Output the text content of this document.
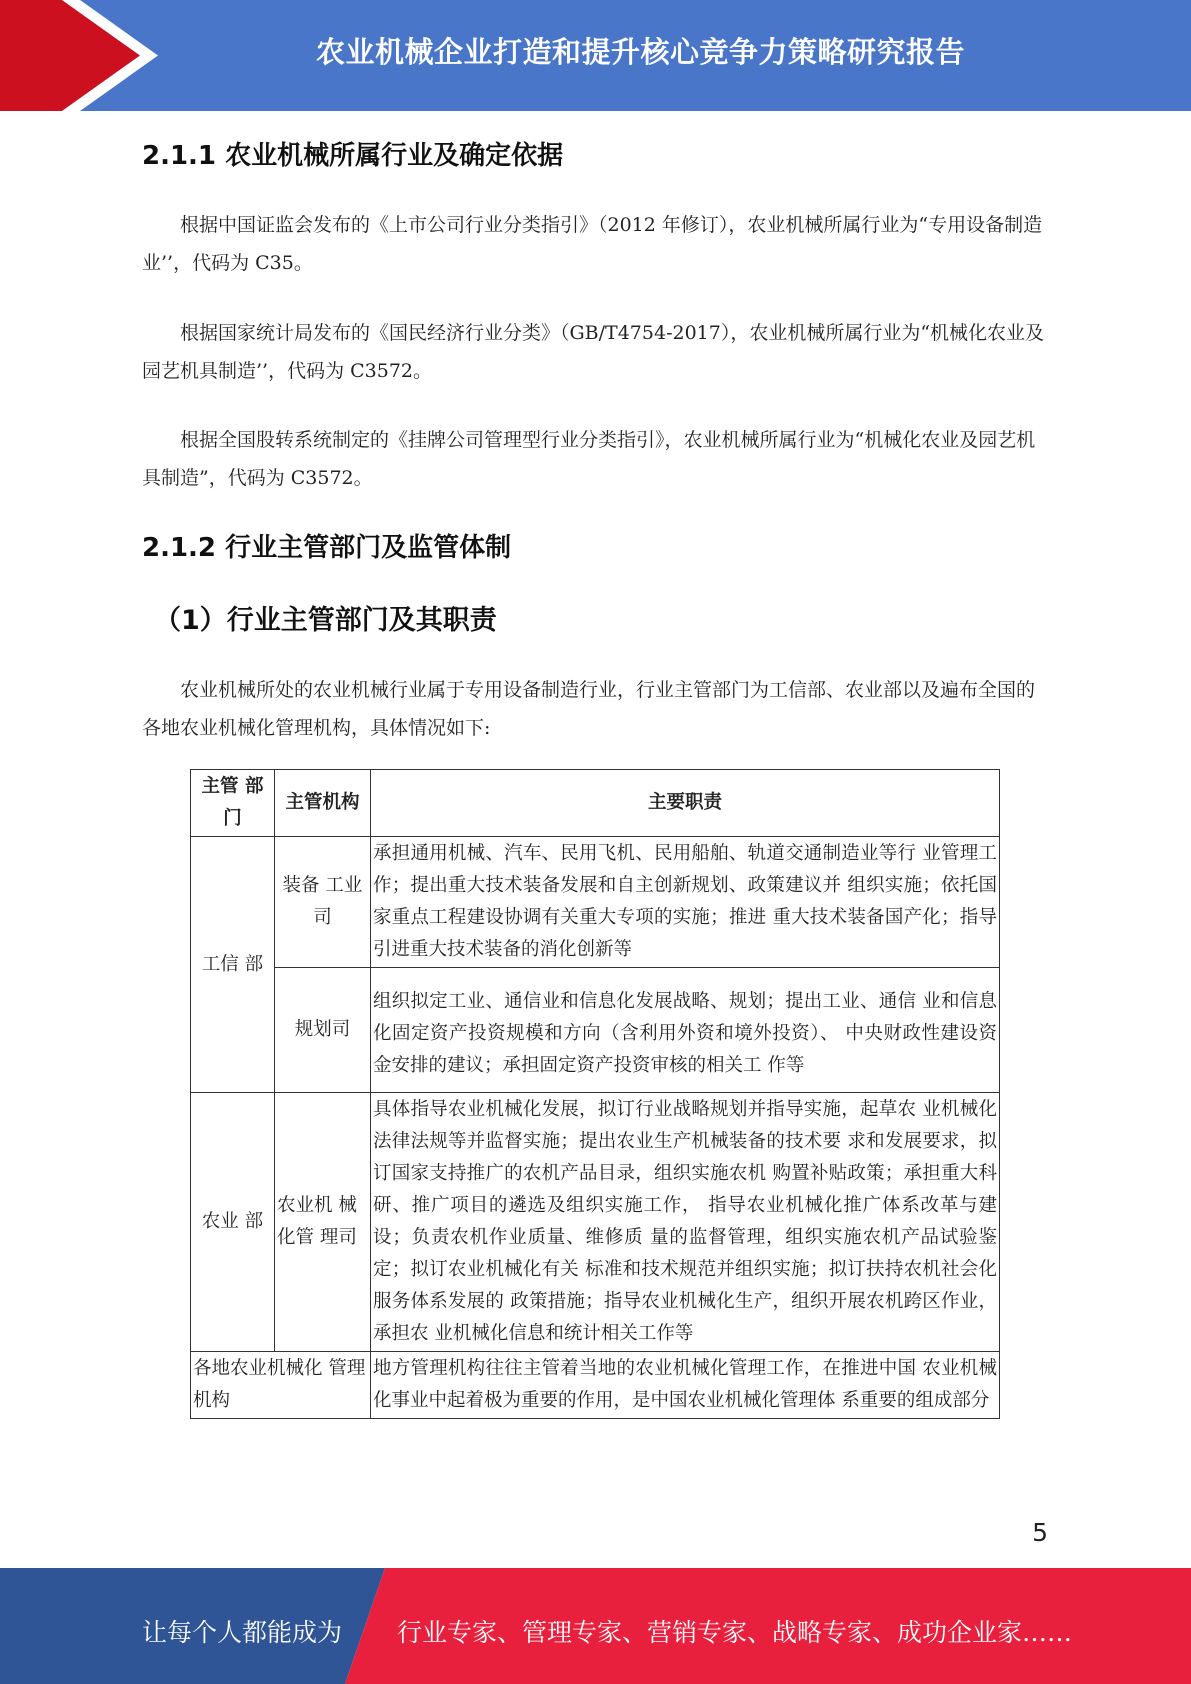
农业机械企业打造和提升核心竞争力策略研究报告
2.1.1 农业机械所属行业及确定依据

根据中国证监会发布的《上市公司行业分类指引》（2012 年修订），农业机械所属行业为“专用设备制造业’’，代码为 C35。

根据国家统计局发布的《国民经济行业分类》（GB/T4754-2017），农业机械所属行业为“机械化农业及园艺机具制造’’，代码为 C3572。

根据全国股转系统制定的《挂牌公司管理型行业分类指引》，农业机械所属行业为“机械化农业及园艺机具制造”，代码为 C3572。

2.1.2 行业主管部门及监管体制
（1）行业主管部门及其职责

农业机械所处的农业机械行业属于专用设备制造行业，行业主管部门为工信部、农业部以及遍布全国的各地农业机械化管理机构，具体情况如下:

主管 部门	主管机构	主要职责
工信 部	装备 工业司	承担通用机械、汽车、民用飞机、民用船舶、轨道交通制造业等行 业管理工作；提出重大技术装备发展和自主创新规划、政策建议并 组织实施；依托国家重点工程建设协调有关重大专项的实施；推进 重大技术装备国产化；指导引进重大技术装备的消化创新等
	规划司	组织拟定工业、通信业和信息化发展战略、规划；提出工业、通信 业和信息化固定资产投资规模和方向（含利用外资和境外投资）、 中央财政性建设资金安排的建议；承担固定资产投资审核的相关工 作等
农业 部	农业机 械化管 理司	具体指导农业机械化发展，拟订行业战略规划并指导实施，起草农 业机械化法律法规等并监督实施；提出农业生产机械装备的技术要 求和发展要求，拟订国家支持推广的农机产品目录，组织实施农机 购置补贴政策；承担重大科研、推广项目的遴选及组织实施工作， 指导农业机械化推广体系改革与建设；负责农机作业质量、维修质 量的监督管理，组织实施农机产品试验鉴定；拟订农业机械化有关 标准和技术规范并组织实施；拟订扶持农机社会化服务体系发展的 政策措施；指导农业机械化生产，组织开展农机跨区作业，承担农 业机械化信息和统计相关工作等
各地农业机械化 管理机构		地方管理机构往往主管着当地的农业机械化管理工作，在推进中国 农业机械化事业中起着极为重要的作用，是中国农业机械化管理体 系重要的组成部分
5
让每个人都能成为 行业专家、管理专家、营销专家、战略专家、成功企业家……
